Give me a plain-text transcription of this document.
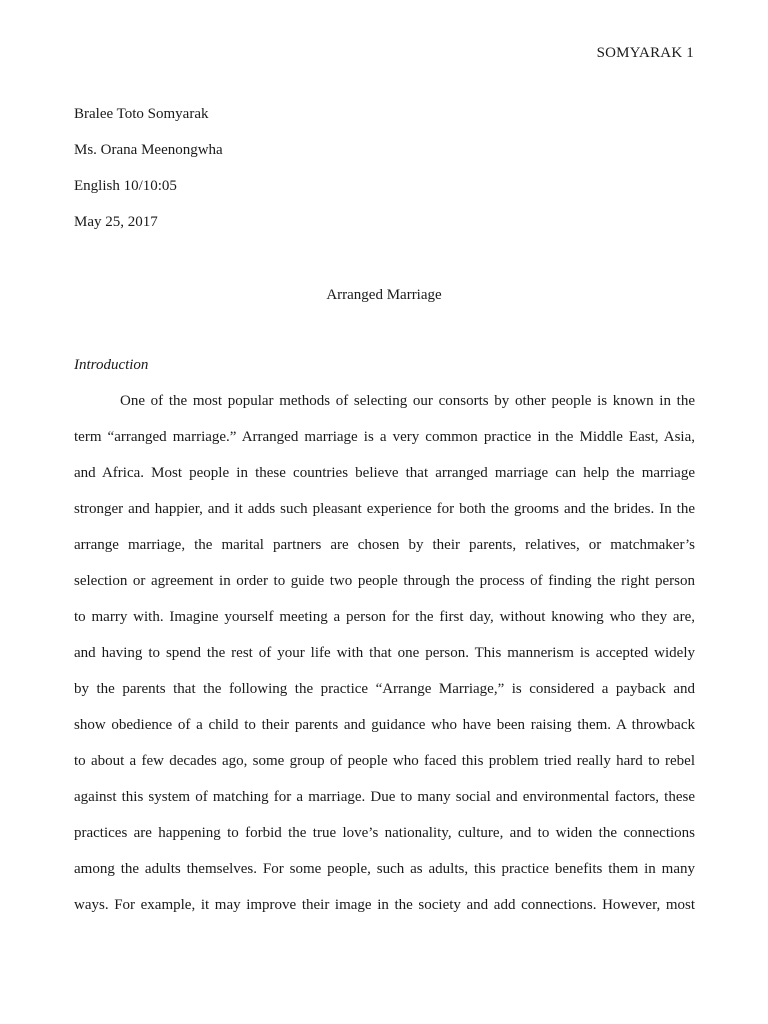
SOMYARAK 1
Bralee Toto Somyarak
Ms. Orana Meenongwha
English 10/10:05
May 25, 2017
Arranged Marriage
Introduction
One of the most popular methods of selecting our consorts by other people is known in the
term “arranged marriage.” Arranged marriage is a very common practice in the Middle East, Asia,
and Africa. Most people in these countries believe that arranged marriage can help the marriage
stronger and happier, and it adds such pleasant experience for both the grooms and the brides. In the
arrange marriage, the marital partners are chosen by their parents, relatives, or matchmaker’s
selection or agreement in order to guide two people through the process of finding the right person
to marry with. Imagine yourself meeting a person for the first day, without knowing who they are,
and having to spend the rest of your life with that one person. This mannerism is accepted widely
by the parents that the following the practice “Arrange Marriage,” is considered a payback and
show obedience of a child to their parents and guidance who have been raising them. A throwback
to about a few decades ago, some group of people who faced this problem tried really hard to rebel
against this system of matching for a marriage. Due to many social and environmental factors, these
practices are happening to forbid the true love’s nationality, culture, and to widen the connections
among the adults themselves. For some people, such as adults, this practice benefits them in many
ways. For example, it may improve their image in the society and add connections. However, most
